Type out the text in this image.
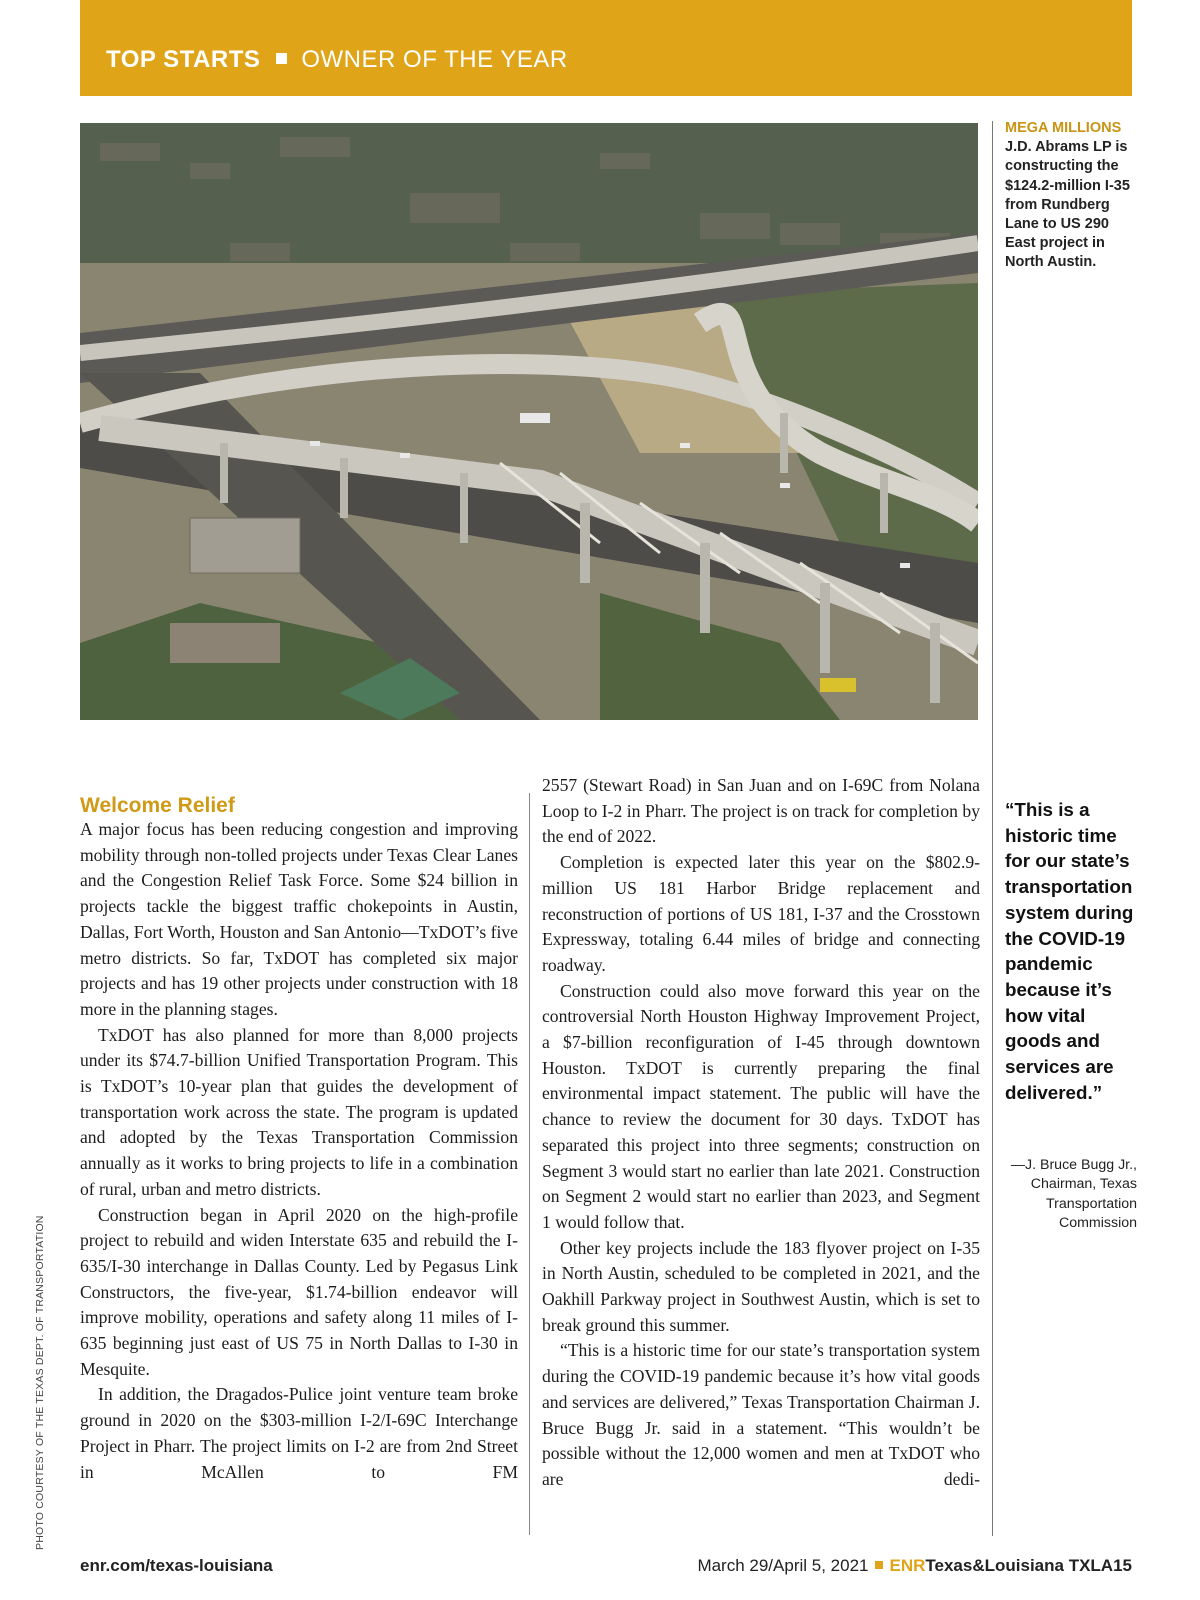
TOP STARTS OWNER OF THE YEAR
MEGA MILLIONS
J.D. Abrams LP is constructing the $124.2-million I-35 from Rundberg Lane to US 290 East project in North Austin.
Welcome Relief

A major focus has been reducing congestion and improving mobility through non-tolled projects under Texas Clear Lanes and the Congestion Relief Task Force. Some $24 billion in projects tackle the biggest traffic chokepoints in Austin, Dallas, Fort Worth, Houston and San Antonio—TxDOT’s five metro districts. So far, TxDOT has completed six major projects and has 19 other projects under construction with 18 more in the planning stages.

TxDOT has also planned for more than 8,000 projects under its $74.7-billion Unified Transportation Program. This is TxDOT’s 10-year plan that guides the development of transportation work across the state. The program is updated and adopted by the Texas Transportation Commission annually as it works to bring projects to life in a combination of rural, urban and metro districts.

Construction began in April 2020 on the high-profile project to rebuild and widen Interstate 635 and rebuild the I-635/I-30 interchange in Dallas County. Led by Pegasus Link Constructors, the five-year, $1.74-billion endeavor will improve mobility, operations and safety along 11 miles of I-635 beginning just east of US 75 in North Dallas to I-30 in Mesquite.

In addition, the Dragados-Pulice joint venture team broke ground in 2020 on the $303-million I-2/I-69C Interchange Project in Pharr. The project limits on I-2 are from 2nd Street in McAllen to FM

2557 (Stewart Road) in San Juan and on I-69C from Nolana Loop to I-2 in Pharr. The project is on track for completion by the end of 2022.

Completion is expected later this year on the $802.9-million US 181 Harbor Bridge replacement and reconstruction of portions of US 181, I-37 and the Crosstown Expressway, totaling 6.44 miles of bridge and connecting roadway.

Construction could also move forward this year on the controversial North Houston Highway Improvement Project, a $7-billion reconfiguration of I-45 through downtown Houston. TxDOT is currently preparing the final environmental impact statement. The public will have the chance to review the document for 30 days. TxDOT has separated this project into three segments; construction on Segment 3 would start no earlier than late 2021. Construction on Segment 2 would start no earlier than 2023, and Segment 1 would follow that.

Other key projects include the 183 flyover project on I-35 in North Austin, scheduled to be completed in 2021, and the Oakhill Parkway project in Southwest Austin, which is set to break ground this summer.

“This is a historic time for our state’s transportation system during the COVID-19 pandemic because it’s how vital goods and services are delivered,” Texas Transportation Chairman J. Bruce Bugg Jr. said in a statement. “This wouldn’t be possible without the 12,000 women and men at TxDOT who are dedi-

“This is a historic time for our state’s transportation system during the COVID-19 pandemic because it’s how vital goods and services are delivered.”
—J. Bruce Bugg Jr., Chairman, Texas Transportation Commission
PHOTO COURTESY OF THE TEXAS DEPT. OF TRANSPORTATION
enr.com/texas-louisiana	March 29/April 5, 2021 ENRTexas&Louisiana TXLA15
